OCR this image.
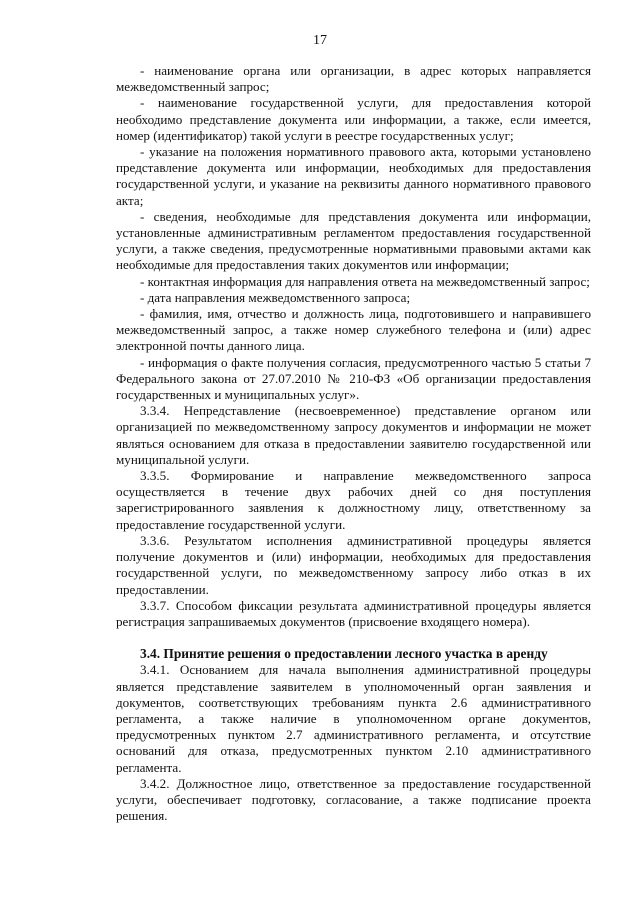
17

- наименование органа или организации, в адрес которых направляется межведомственный запрос;

- наименование государственной услуги, для предоставления которой необходимо представление документа или информации, а также, если имеется, номер (идентификатор) такой услуги в реестре государственных услуг;

- указание на положения нормативного правового акта, которыми установлено представление документа или информации, необходимых для предоставления государственной услуги, и указание на реквизиты данного нормативного правового акта;

- сведения, необходимые для представления документа или информации, установленные административным регламентом предоставления государственной услуги, а также сведения, предусмотренные нормативными правовыми актами как необходимые для предоставления таких документов или информации;

- контактная информация для направления ответа на межведомственный запрос;

- дата направления межведомственного запроса;

- фамилия, имя, отчество и должность лица, подготовившего и направившего межведомственный запрос, а также номер служебного телефона и (или) адрес электронной почты данного лица.

- информация о факте получения согласия, предусмотренного частью 5 статьи 7 Федерального закона от 27.07.2010 № 210-ФЗ «Об организации предоставления государственных и муниципальных услуг».

3.3.4. Непредставление (несвоевременное) представление органом или организацией по межведомственному запросу документов и информации не может являться основанием для отказа в предоставлении заявителю государственной или муниципальной услуги.

3.3.5. Формирование и направление межведомственного запроса осуществляется в течение двух рабочих дней со дня поступления зарегистрированного заявления к должностному лицу, ответственному за предоставление государственной услуги.

3.3.6. Результатом исполнения административной процедуры является получение документов и (или) информации, необходимых для предоставления государственной услуги, по межведомственному запросу либо отказ в их предоставлении.

3.3.7. Способом фиксации результата административной процедуры является регистрация запрашиваемых документов (присвоение входящего номера).

3.4. Принятие решения о предоставлении лесного участка в аренду

3.4.1. Основанием для начала выполнения административной процедуры является представление заявителем в уполномоченный орган заявления и документов, соответствующих требованиям пункта 2.6 административного регламента, а также наличие в уполномоченном органе документов, предусмотренных пунктом 2.7 административного регламента, и отсутствие оснований для отказа, предусмотренных пунктом 2.10 административного регламента.

3.4.2. Должностное лицо, ответственное за предоставление государственной услуги, обеспечивает подготовку, согласование, а также подписание проекта решения.
